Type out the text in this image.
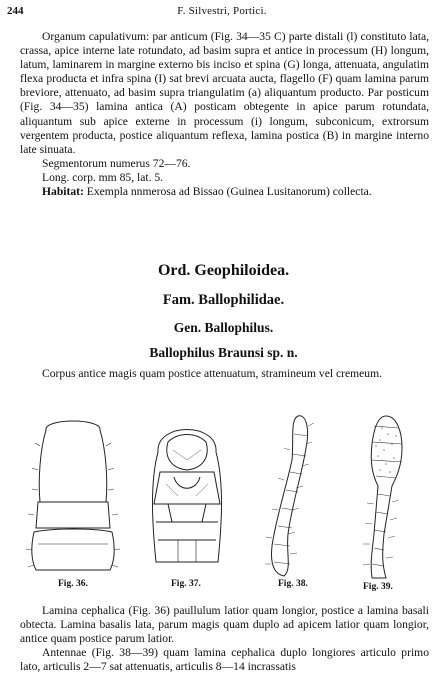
244	F. Silvestri, Portici.

Organum capulativum: par anticum (Fig. 34—35 C) parte distali (l) constituto lata, crassa, apice interne late rotundato, ad basim supra et antice in processum (H) longum, latum, laminarem in margine externo bis inciso et spina (G) longa, attenuata, angulatim flexa producta et infra spina (I) sat brevi arcuata aucta, flagello (F) quam lamina parum breviore, attenuato, ad basim supra triangulatim (a) aliquantum producto. Par posticum (Fig. 34—35) lamina antica (A) posticam obtegente in apice parum rotundata, aliquantum sub apice externe in processum (i) longum, subconicum, extrorsum vergentem producta, postice aliquantum reflexa, lamina postica (B) in margine interno late sinuata.

Segmentorum numerus 72—76.

Long. corp. mm 85, lat. 5.

Habitat: Exempla nnmerosa ad Bissao (Guinea Lusitanorum) collecta.

Ord. Geophiloidea.
Fam. Ballophilidae.
Gen. Ballophilus.
Ballophilus Braunsi sp. n.

Corpus antice magis quam postice attenuatum, stramineum vel cremeum.

Fig. 36.	Fig. 37.	Fig. 38.	Fig. 39.

Lamina cephalica (Fig. 36) paullulum latior quam longior, postice a lamina basali obtecta. Lamina basalis lata, parum magis quam duplo ad apicem latior quam longior, antice quam postice parum latior.

Antennae (Fig. 38—39) quam lamina cephalica duplo longiores articulo primo lato, articulis 2—7 sat attenuatis, articulis 8—14 incrassatis
